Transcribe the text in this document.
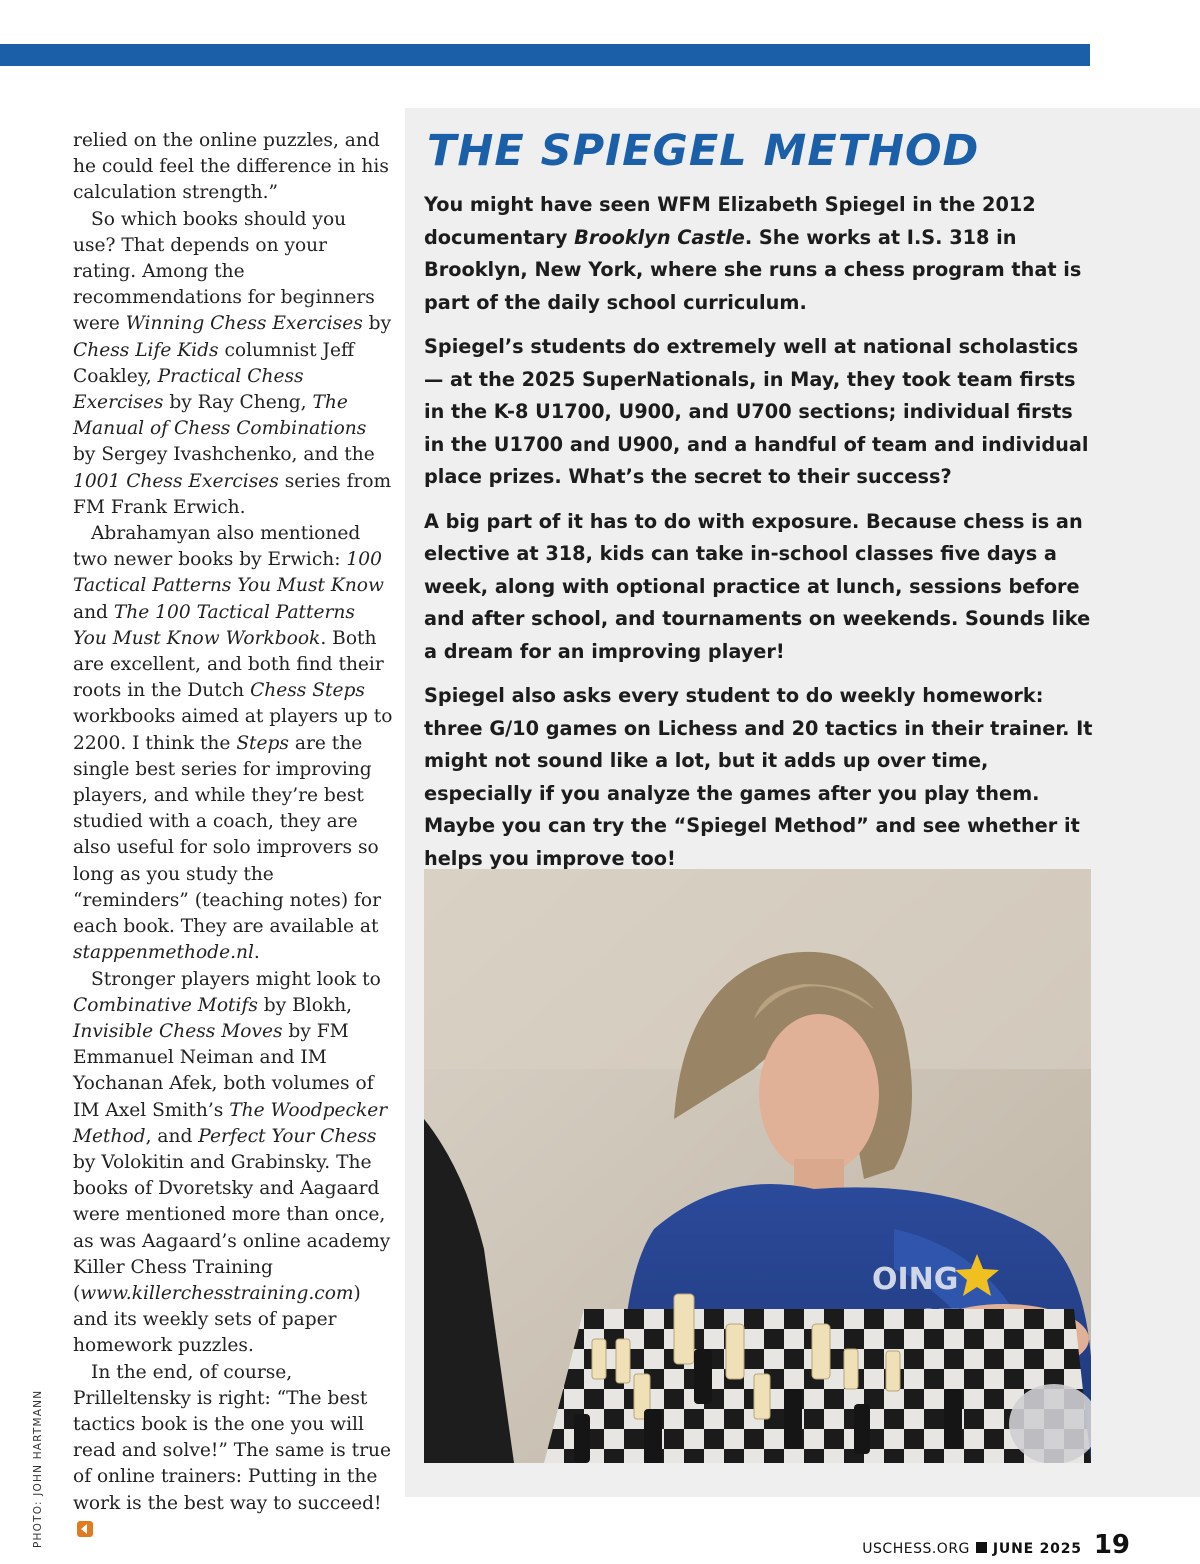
relied on the online puzzles, and he could feel the difference in his calculation strength.”

So which books should you use? That depends on your rating. Among the recommendations for beginners were Winning Chess Exercises by Chess Life Kids columnist Jeff Coakley, Practical Chess Exercises by Ray Cheng, The Manual of Chess Combinations by Sergey Ivashchenko, and the 1001 Chess Exercises series from FM Frank Erwich.

Abrahamyan also mentioned two newer books by Erwich: 100 Tactical Patterns You Must Know and The 100 Tactical Patterns You Must Know Workbook. Both are excellent, and both find their roots in the Dutch Chess Steps workbooks aimed at players up to 2200. I think the Steps are the single best series for improving players, and while they’re best studied with a coach, they are also useful for solo improvers so long as you study the “reminders” (teaching notes) for each book. They are available at stappenmethode.nl.

Stronger players might look to Combinative Motifs by Blokh, Invisible Chess Moves by FM Emmanuel Neiman and IM Yochanan Afek, both volumes of IM Axel Smith’s The Woodpecker Method, and Perfect Your Chess by Volokitin and Grabinsky. The books of Dvoretsky and Aagaard were mentioned more than once, as was Aagaard’s online academy Killer Chess Training (www.killerchesstraining.com) and its weekly sets of paper homework puzzles.

In the end, of course, Prilleltensky is right: “The best tactics book is the one you will read and solve!” The same is true of online trainers: Putting in the work is the best way to succeed!

PHOTO: JOHN HARTMANN
THE SPIEGEL METHOD

You might have seen WFM Elizabeth Spiegel in the 2012 documentary Brooklyn Castle. She works at I.S. 318 in Brooklyn, New York, where she runs a chess program that is part of the daily school curriculum.

Spiegel’s students do extremely well at national scholastics — at the 2025 SuperNationals, in May, they took team firsts in the K-8 U1700, U900, and U700 sections; individual firsts in the U1700 and U900, and a handful of team and individual place prizes. What’s the secret to their success?

A big part of it has to do with exposure. Because chess is an elective at 318, kids can take in-school classes five days a week, along with optional practice at lunch, sessions before and after school, and tournaments on weekends. Sounds like a dream for an improving player!

Spiegel also asks every student to do weekly homework: three G/10 games on Lichess and 20 tactics in their trainer. It might not sound like a lot, but it adds up over time, especially if you analyze the games after you play them. Maybe you can try the “Spiegel Method” and see whether it helps you improve too!

OING
USCHESS.ORG JUNE 2025 19
